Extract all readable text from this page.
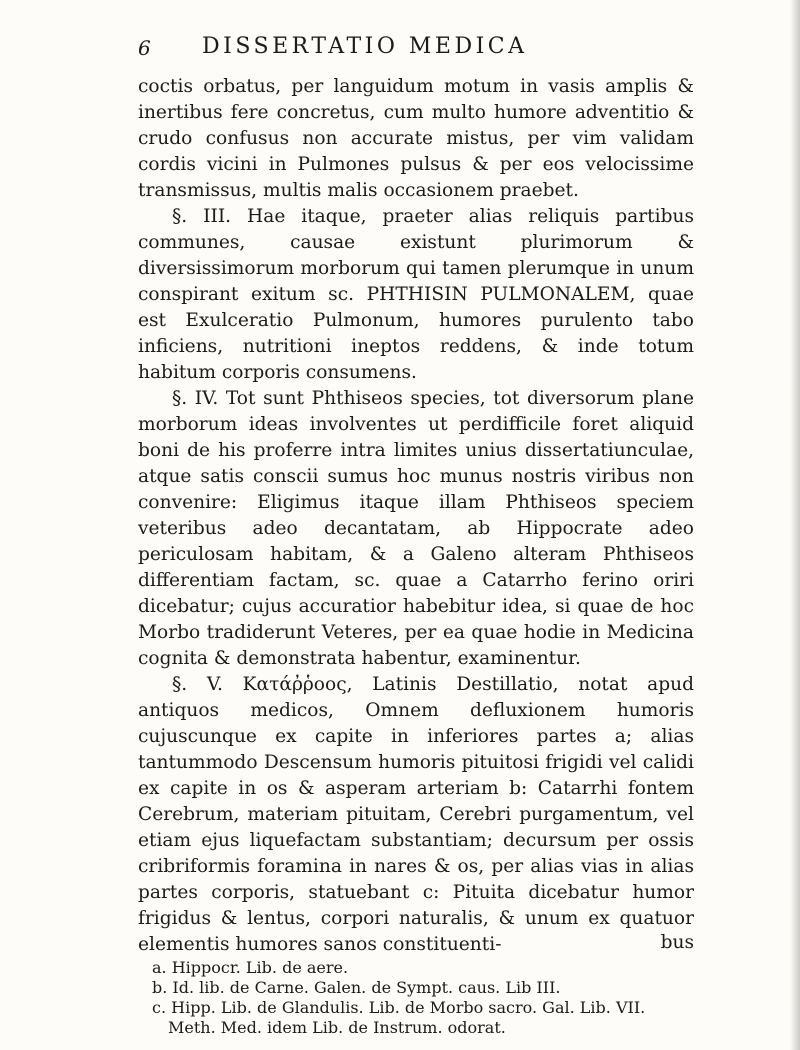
6 DISSERTATIO MEDICA

coctis orbatus, per languidum motum in vasis amplis & inertibus fere concretus, cum multo humore adventitio & crudo confusus non accurate mistus, per vim validam cordis vicini in Pulmones pulsus & per eos velocissime transmissus, multis malis occasionem praebet.

§. III. Hae itaque, praeter alias reliquis partibus communes, causae existunt plurimorum & diversissimorum morborum qui tamen plerumque in unum conspirant exitum sc. PHTHISIN PULMONALEM, quae est Exulceratio Pulmonum, humores purulento tabo inficiens, nutritioni ineptos reddens, & inde totum habitum corporis consumens.

§. IV. Tot sunt Phthiseos species, tot diversorum plane morborum ideas involventes ut perdifficile foret aliquid boni de his proferre intra limites unius dissertatiunculae, atque satis conscii sumus hoc munus nostris viribus non convenire: Eligimus itaque illam Phthiseos speciem veteribus adeo decantatam, ab Hippocrate adeo periculosam habitam, & a Galeno alteram Phthiseos differentiam factam, sc. quae a Catarrho ferino oriri dicebatur; cujus accuratior habebitur idea, si quae de hoc Morbo tradiderunt Veteres, per ea quae hodie in Medicina cognita & demonstrata habentur, examinentur.

§. V. Κατάῤῥοος, Latinis Destillatio, notat apud antiquos medicos, Omnem defluxionem humoris cujuscunque ex capite in inferiores partes a; alias tantummodo Descensum humoris pituitosi frigidi vel calidi ex capite in os & asperam arteriam b: Catarrhi fontem Cerebrum, materiam pituitam, Cerebri purgamentum, vel etiam ejus liquefactam substantiam; decursum per ossis cribriformis foramina in nares & os, per alias vias in alias partes corporis, statuebant c: Pituita dicebatur humor frigidus & lentus, corpori naturalis, & unum ex quatuor elementis humores sanos constituenti-	bus
a. Hippocr. Lib. de aere.
b. Id. lib. de Carne. Galen. de Sympt. caus. Lib III.
c. Hipp. Lib. de Glandulis. Lib. de Morbo sacro. Gal. Lib. VII.
Meth. Med. idem Lib. de Instrum. odorat.
